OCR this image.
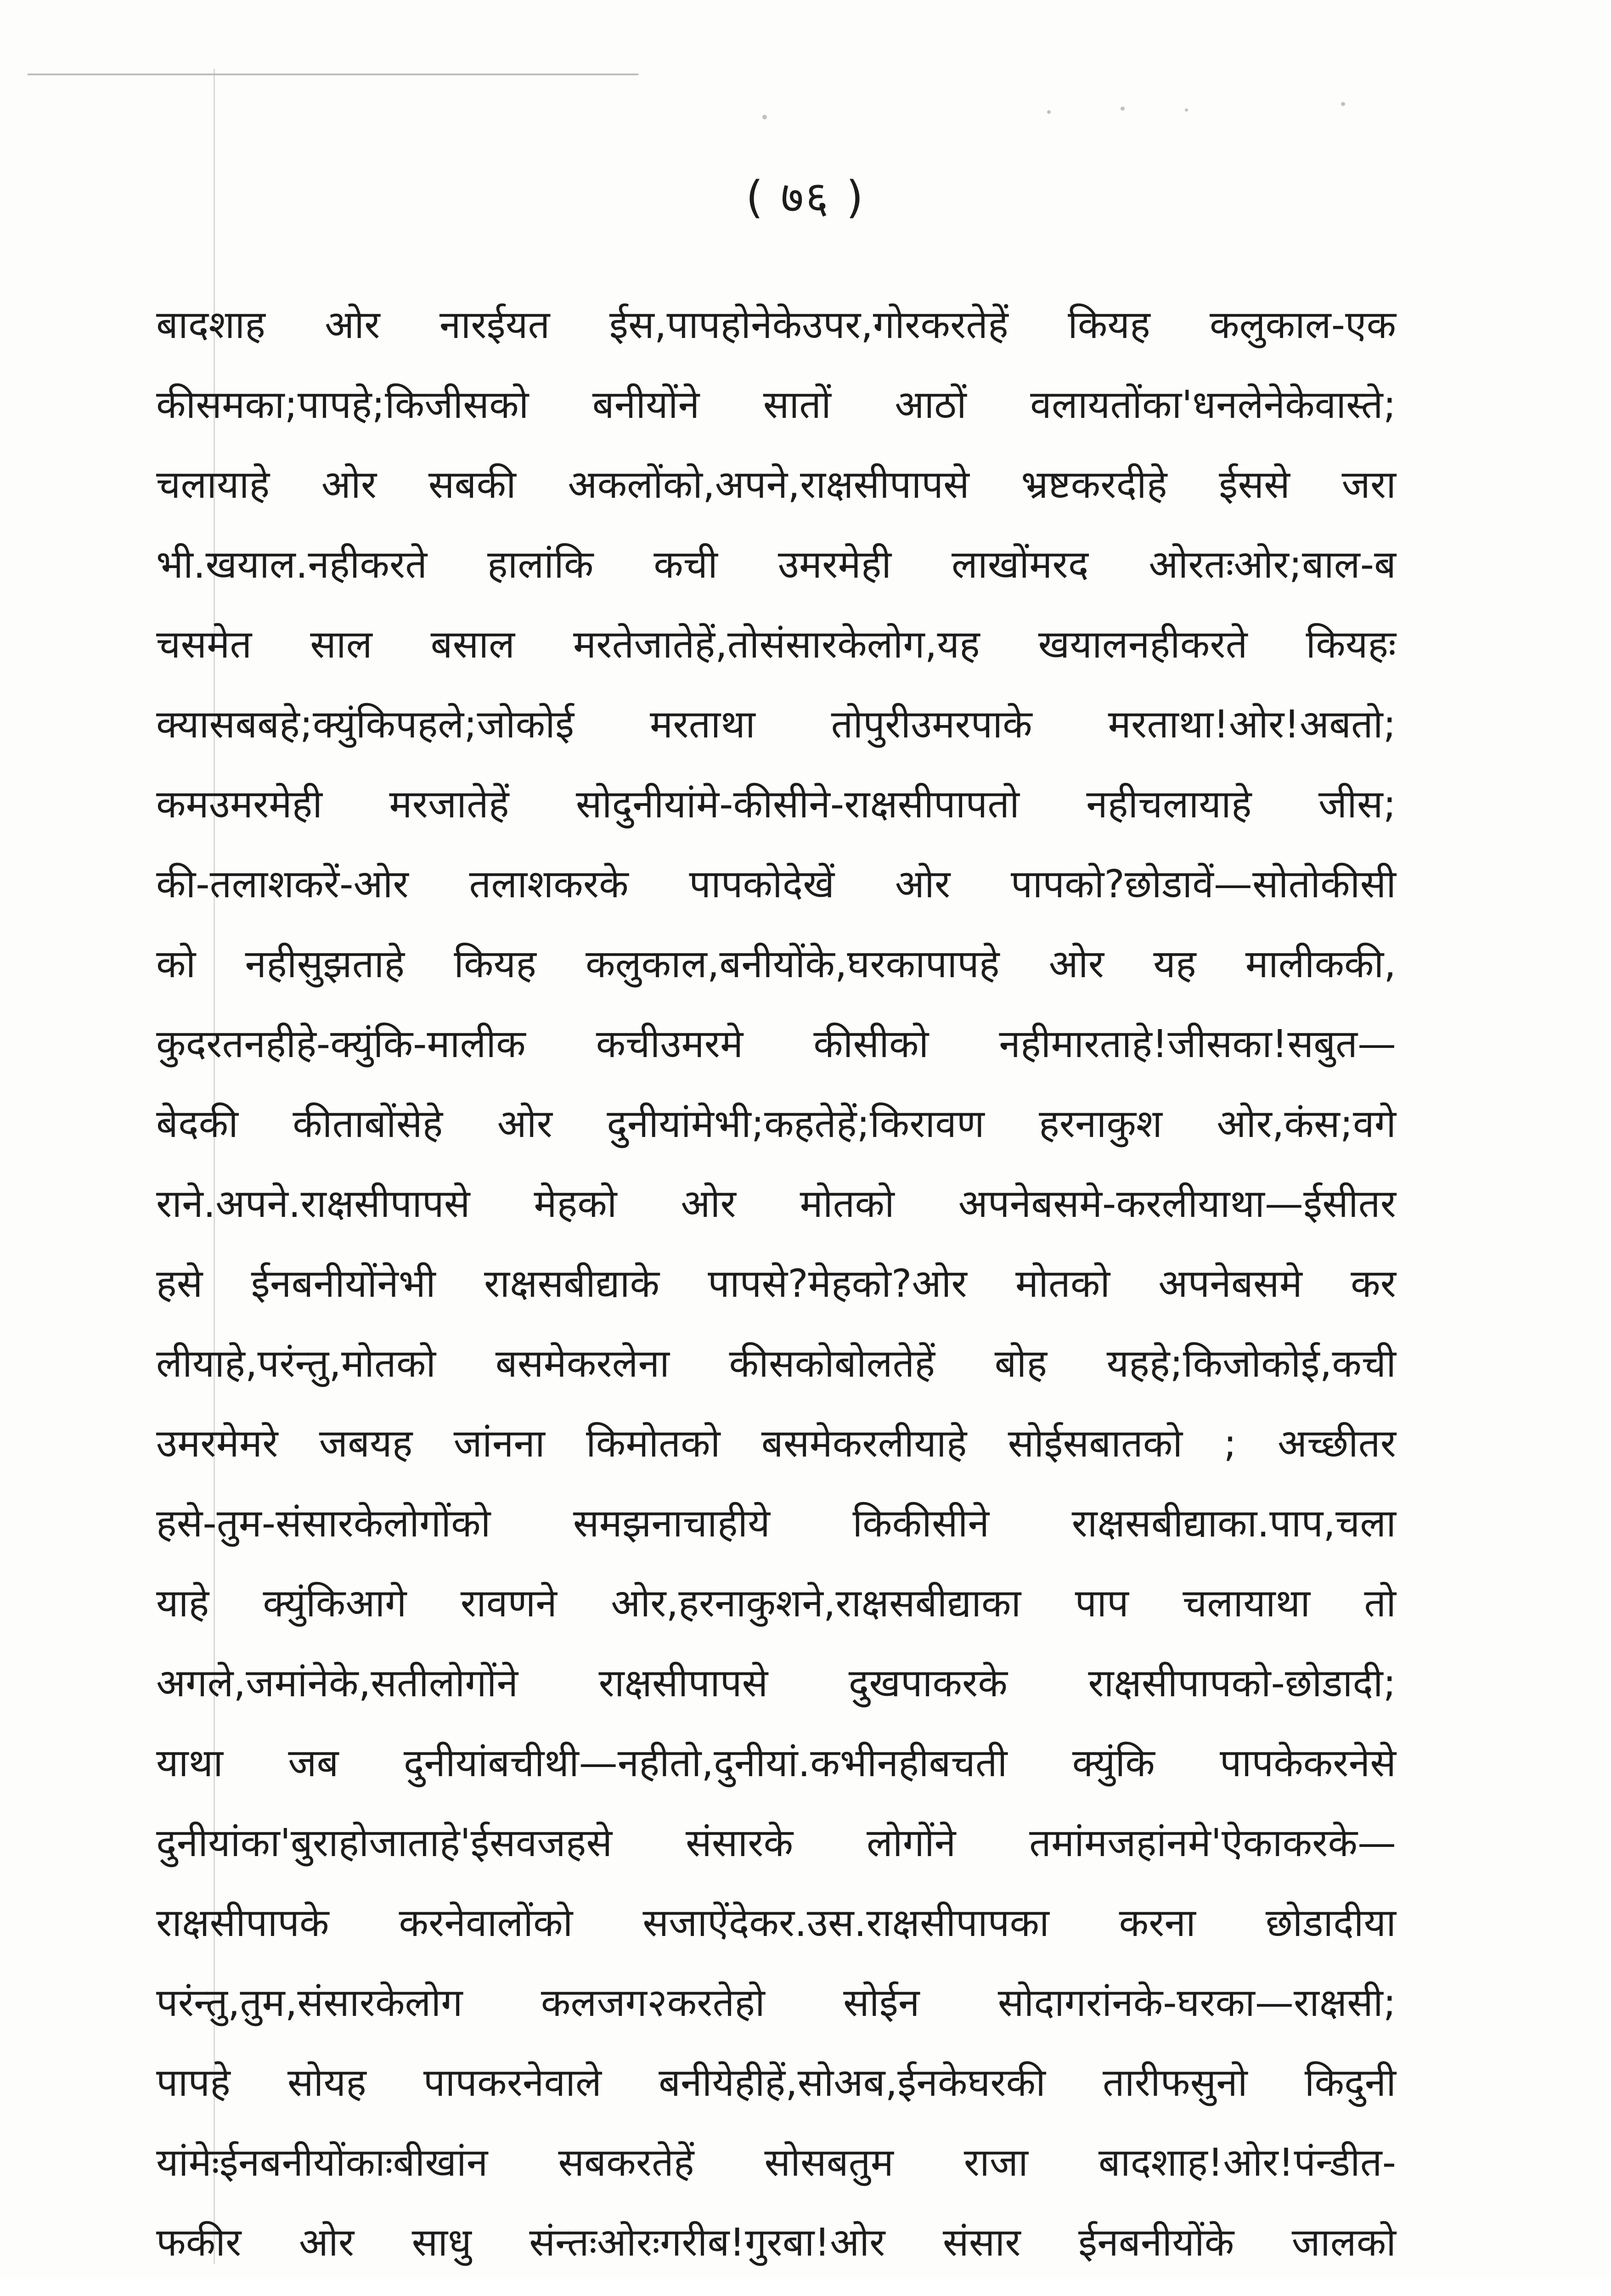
( ७६ )
बादशाह ओर नारईयत ईस,पापहोनेकेउपर,गोरकरतेहें कियह कलुकाल-एक
कीसमका;पापहे;किजीसको बनीयोंने सातों आठों वलायतोंका'धनलेनेकेवास्ते;
चलायाहे ओर सबकी अकलोंको,अपने,राक्षसीपापसे भ्रष्टकरदीहे ईससे जरा
भी.खयाल.नहीकरते हालांकि कची उमरमेही लाखोंमरद ओरतःओर;बाल-ब
चसमेत साल बसाल मरतेजातेहें,तोसंसारकेलोग,यह खयालनहीकरते कियहः
क्यासबबहे;क्युंकिपहले;जोकोई मरताथा तोपुरीउमरपाके मरताथा!ओर!अबतो;
कमउमरमेही मरजातेहें सोदुनीयांमे-कीसीने-राक्षसीपापतो नहीचलायाहे जीस;
की-तलाशकरें-ओर तलाशकरके पापकोदेखें ओर पापको?छोडावें—सोतोकीसी
को नहीसुझताहे कियह कलुकाल,बनीयोंके,घरकापापहे ओर यह मालीककी,
कुदरतनहीहे-क्युंकि-मालीक कचीउमरमे कीसीको नहीमारताहे!जीसका!सबुत—
बेदकी कीताबोंसेहे ओर दुनीयांमेभी;कहतेहें;किरावण हरनाकुश ओर,कंस;वगे
राने.अपने.राक्षसीपापसे मेहको ओर मोतको अपनेबसमे-करलीयाथा—ईसीतर
हसे ईनबनीयोंनेभी राक्षसबीद्याके पापसे?मेहको?ओर मोतको अपनेबसमे कर
लीयाहे,परंन्तु,मोतको बसमेकरलेना कीसकोबोलतेहें बोह यहहे;किजोकोई,कची
उमरमेमरे जबयह जांनना किमोतको बसमेकरलीयाहे सोईसबातको ; अच्छीतर
हसे-तुम-संसारकेलोगोंको समझनाचाहीये किकीसीने राक्षसबीद्याका.पाप,चला
याहे क्युंकिआगे रावणने ओर,हरनाकुशने,राक्षसबीद्याका पाप चलायाथा तो
अगले,जमांनेके,सतीलोगोंने राक्षसीपापसे दुखपाकरके राक्षसीपापको-छोडादी;
याथा जब दुनीयांबचीथी—नहीतो,दुनीयां.कभीनहीबचती क्युंकि पापकेकरनेसे
दुनीयांका'बुराहोजाताहे'ईसवजहसे संसारके लोगोंने तमांमजहांनमे'ऐकाकरके—
राक्षसीपापके करनेवालोंको सजाऐंदेकर.उस.राक्षसीपापका करना छोडादीया
परंन्तु,तुम,संसारकेलोग कलजग२करतेहो सोईन सोदागरांनके-घरका—राक्षसी;
पापहे सोयह पापकरनेवाले बनीयेहीहें,सोअब,ईनकेघरकी तारीफसुनो किदुनी
यांमेःईनबनीयोंकाःबीखांन सबकरतेहें सोसबतुम राजा बादशाह!ओर!पंन्डीत-
फकीर ओर साधु संन्तःओरःगरीब!गुरबा!ओर संसार ईनबनीयोंके जालको
